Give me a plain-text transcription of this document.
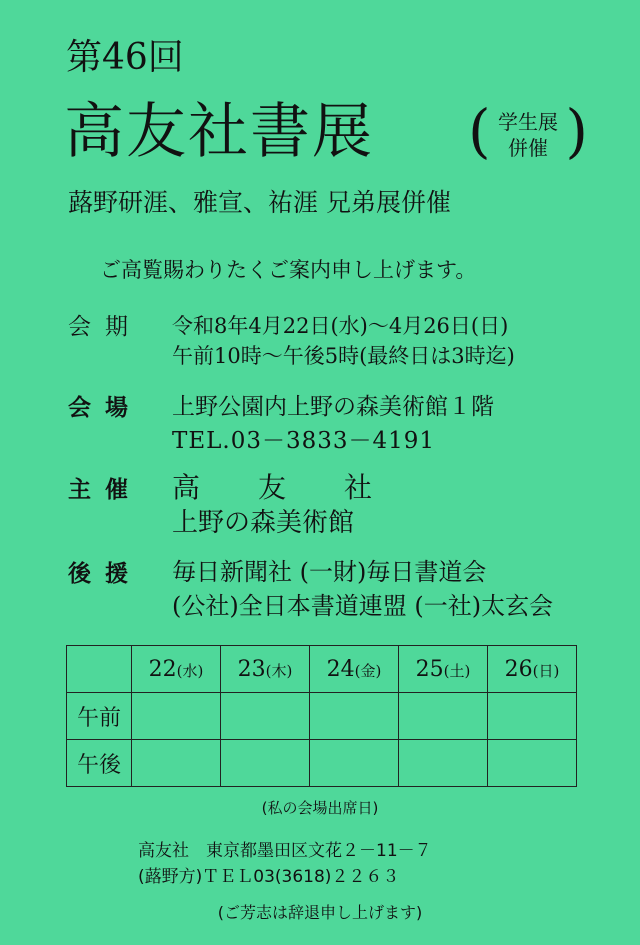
第46回
高友社書展 ( 学生展
併催 )
蕗野研涯、雅宣、祐涯 兄弟展併催
ご高覧賜わりたくご案内申し上げます。
会期 令和8年4月22日(水)〜4月26日(日)
午前10時〜午後5時(最終日は3時迄)
会場 上野公園内上野の森美術館１階
TEL.03－3833－4191
主催 高友社
上野の森美術館
後援 毎日新聞社 (一財)毎日書道会
(公社)全日本書道連盟 (一社)太玄会
	22(水)	23(木)	24(金)	25(土)	26(日)
午前					
午後					
(私の会場出席日)
高友社　東京都墨田区文花２－11－７
(蕗野方)ＴＥＬ03(3618)２２６３
(ご芳志は辞退申し上げます)
